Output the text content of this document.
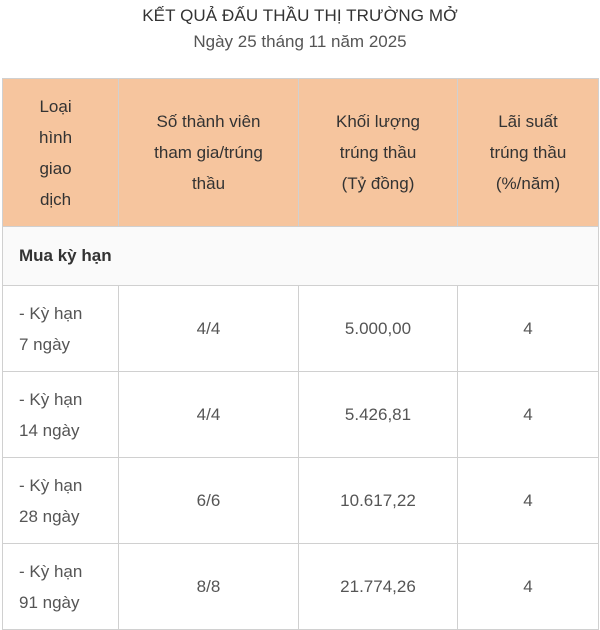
KẾT QUẢ ĐẤU THẦU THỊ TRƯỜNG MỞ
Ngày 25 tháng 11 năm 2025
Loại
hình
giao
dịch	Số thành viên
tham gia/trúng
thầu	Khối lượng
trúng thầu
(Tỷ đồng)	Lãi suất
trúng thầu
(%/năm)
Mua kỳ hạn			
- Kỳ hạn
7 ngày	4/4	5.000,00	4
- Kỳ hạn
14 ngày	4/4	5.426,81	4
- Kỳ hạn
28 ngày	6/6	10.617,22	4
- Kỳ hạn
91 ngày	8/8	21.774,26	4
